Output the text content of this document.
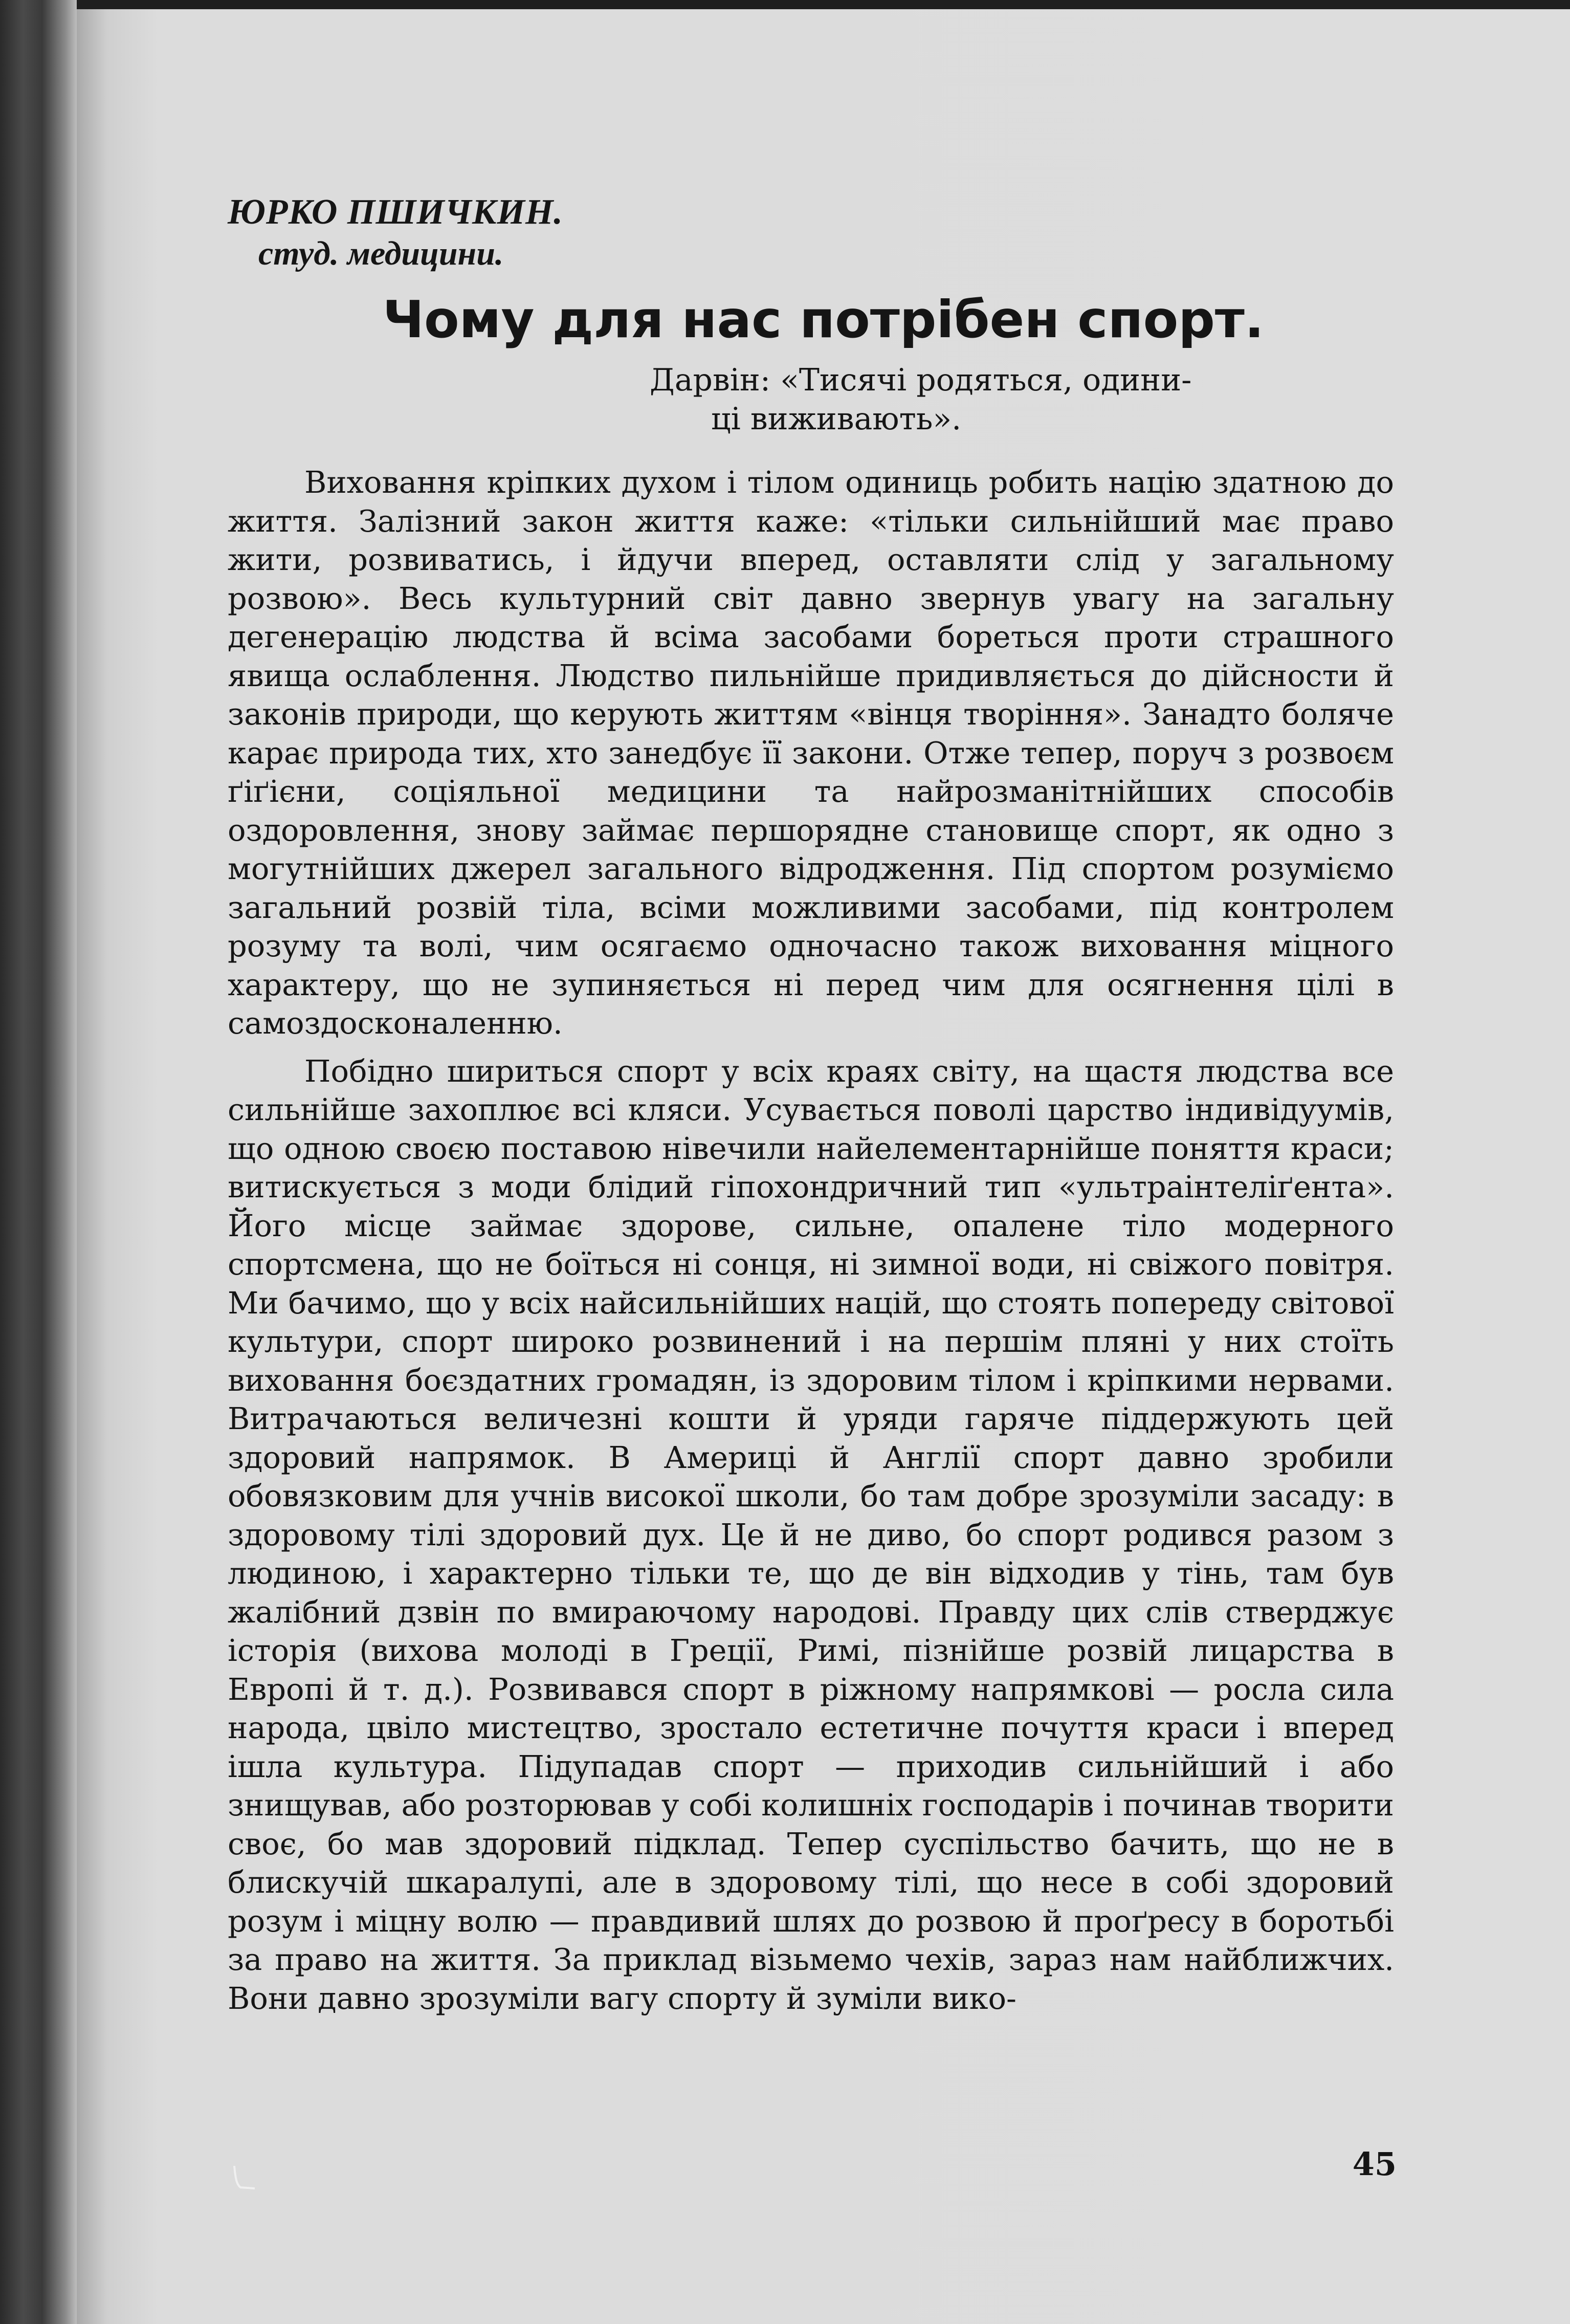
ЮРКО ПШИЧКИН.
студ. медицини.
Чому для нас потрібен спорт.
Дарвін: «Тисячі родяться, одини-
ці виживають».

Виховання кріпких духом і тілом одиниць робить націю здатною до життя. Залізний закон життя каже: «тільки сильнійший має право жити, розвиватись, і йдучи вперед, оставляти слід у загальному розвою». Весь культурний світ давно звернув увагу на загальну дегенерацію людства й всіма засобами бореться проти страшного явища ослаблення. Людство пильнійше придивляється до дійсности й законів природи, що керують життям «вінця творіння». Занадто боляче карає природа тих, хто занедбує її закони. Отже тепер, поруч з розвоєм ґіґієни, соціяльної медицини та найрозманітнійших способів оздоровлення, знову займає першорядне становище спорт, як одно з могутнійших джерел загального відродження. Під спортом розуміємо загальний розвій тіла, всіми можливими засобами, під контролем розуму та волі, чим осягаємо одночасно також виховання міцного характеру, що не зупиняється ні перед чим для осягнення цілі в самоздосконаленню.

Побідно шириться спорт у всіх краях світу, на щастя людства все сильнійше захоплює всі кляси. Усувається поволі царство індивідуумів, що одною своєю поставою нівечили найелементарнійше поняття краси; витискується з моди блідий гіпохондричний тип «ультраінтеліґента». Його місце займає здорове, сильне, опалене тіло модерного спортсмена, що не боїться ні сонця, ні зимної води, ні свіжого повітря. Ми бачимо, що у всіх найсильнійших націй, що стоять попереду світової культури, спорт широко розвинений і на першім пляні у них стоїть виховання боєздатних громадян, із здоровим тілом і кріпкими нервами. Витрачаються величезні кошти й уряди гаряче піддержують цей здоровий напрямок. В Америці й Англії спорт давно зробили обовязковим для учнів високої школи, бо там добре зрозуміли засаду: в здоровому тілі здоровий дух. Це й не диво, бо спорт родився разом з людиною, і характерно тільки те, що де він відходив у тінь, там був жалібний дзвін по вмираючому народові. Правду цих слів стверджує історія (вихова молоді в Греції, Римі, пізнійше розвій лицарства в Европі й т. д.). Розвивався спорт в ріжному напрямкові — росла сила народа, цвіло мистецтво, зростало естетичне почуття краси і вперед ішла культура. Підупадав спорт — приходив сильнійший і або знищував, або розторював у собі колишніх господарів і починав творити своє, бо мав здоровий підклад. Тепер суспільство бачить, що не в блискучій шкаралупі, але в здоровому тілі, що несе в собі здоровий розум і міцну волю — правдивий шлях до розвою й проґресу в боротьбі за право на життя. За приклад візьмемо чехів, зараз нам найближчих. Вони давно зрозуміли вагу спорту й зуміли вико-

45
